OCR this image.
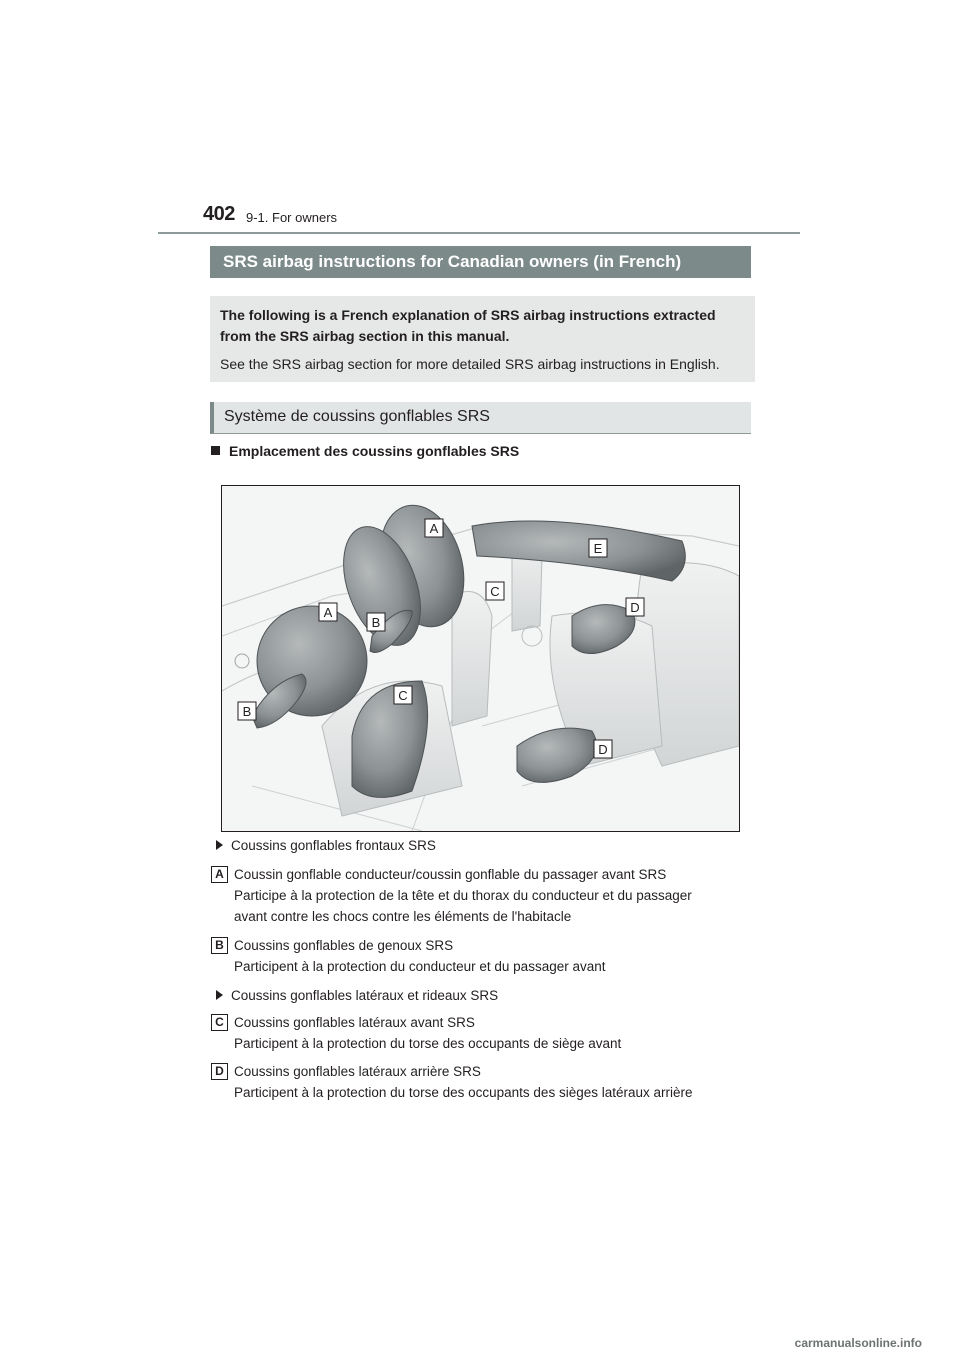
402 9-1. For owners
SRS airbag instructions for Canadian owners (in French)

The following is a French explanation of SRS airbag instructions extracted from the SRS airbag section in this manual.

See the SRS airbag section for more detailed SRS airbag instructions in English.

Système de coussins gonflables SRS
Emplacement des coussins gonflables SRS
A
E
C
D
A
B
C
B
D
Coussins gonflables frontaux SRS
A Coussin gonflable conducteur/coussin gonflable du passager avant SRS
Participe à la protection de la tête et du thorax du conducteur et du passager
avant contre les chocs contre les éléments de l'habitacle
B Coussins gonflables de genoux SRS
Participent à la protection du conducteur et du passager avant
Coussins gonflables latéraux et rideaux SRS
C Coussins gonflables latéraux avant SRS
Participent à la protection du torse des occupants de siège avant
D Coussins gonflables latéraux arrière SRS
Participent à la protection du torse des occupants des sièges latéraux arrière
carmanualsonline.info
